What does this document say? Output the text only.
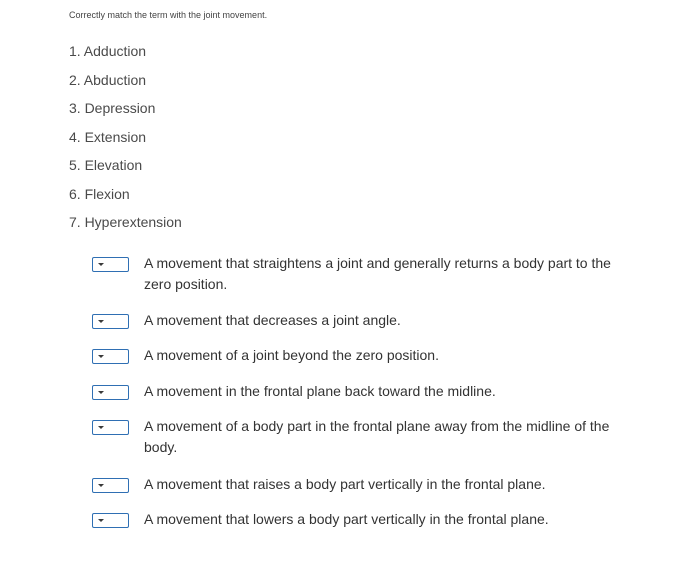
Correctly match the term with the joint movement.
1. Adduction
2. Abduction
3. Depression
4. Extension
5. Elevation
6. Flexion
7. Hyperextension
A movement that straightens a joint and generally returns a body part to the zero position.
A movement that decreases a joint angle.
A movement of a joint beyond the zero position.
A movement in the frontal plane back toward the midline.
A movement of a body part in the frontal plane away from the midline of the body.
A movement that raises a body part vertically in the frontal plane.
A movement that lowers a body part vertically in the frontal plane.
